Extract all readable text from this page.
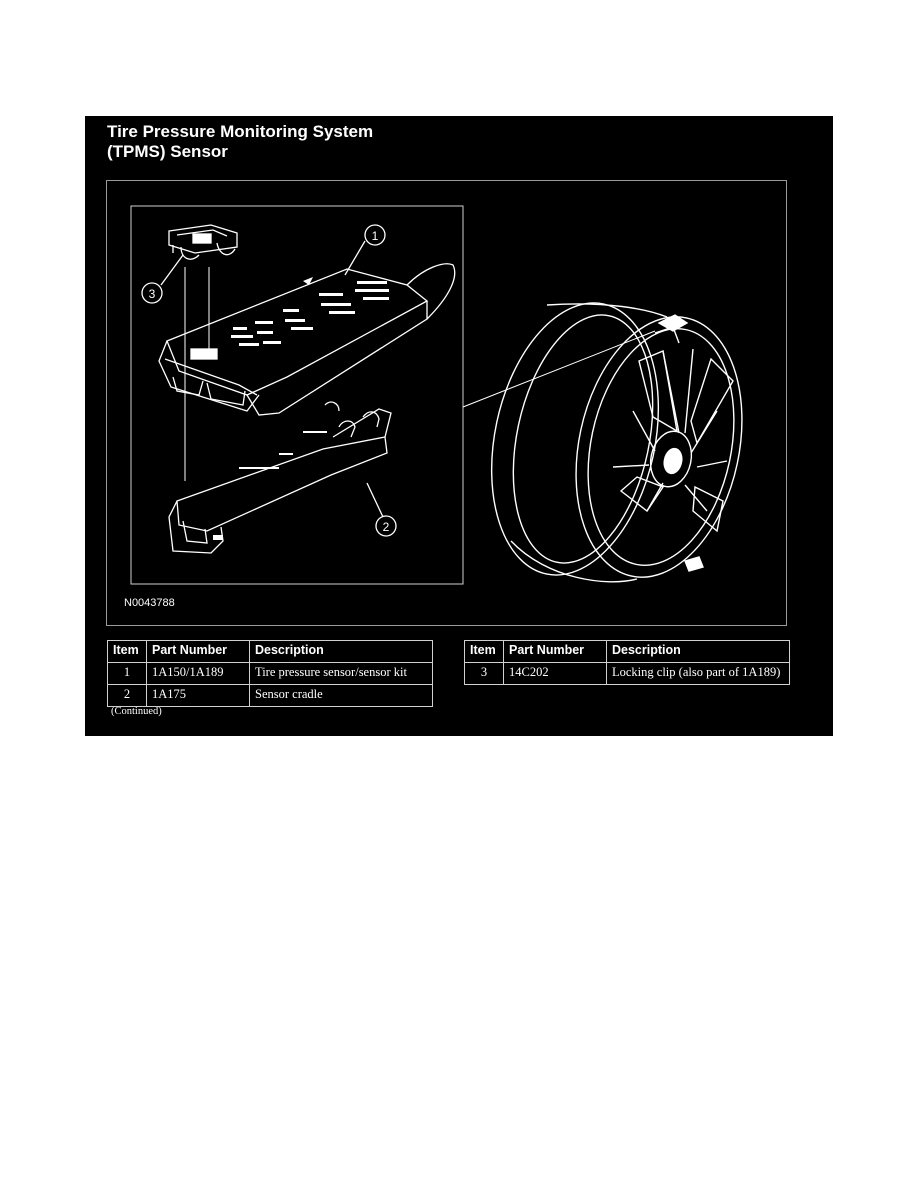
Tire Pressure Monitoring System
(TPMS) Sensor
1
2
3
N0043788
Item	Part Number	Description
1	1A150/1A189	Tire pressure sensor/sensor kit
2	1A175	Sensor cradle
Item	Part Number	Description
3	14C202	Locking clip (also part of 1A189)
(Continued)
